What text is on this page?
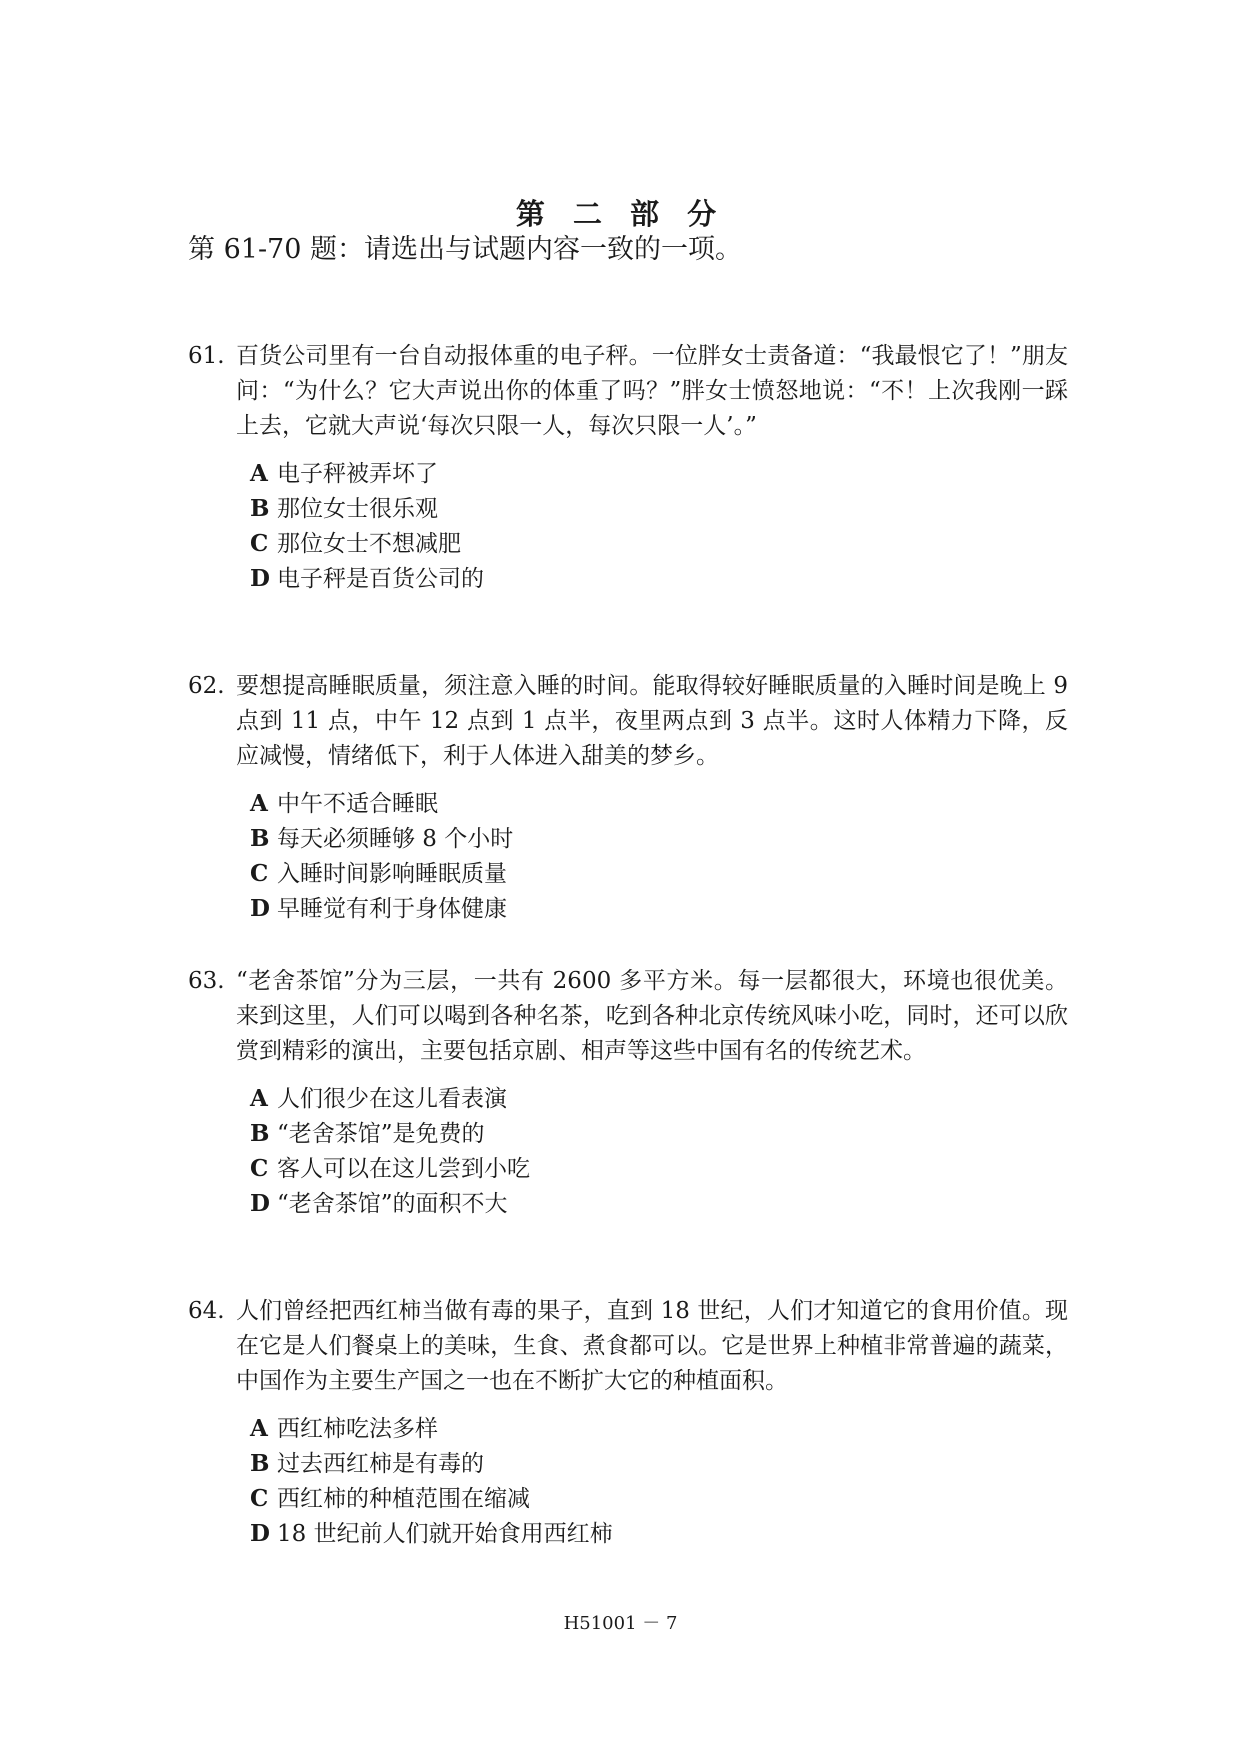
第 二 部 分
第 61-70 题：请选出与试题内容一致的一项。
61. 百货公司里有一台自动报体重的电子秤。一位胖女士责备道：“我最恨它了！”朋友问：“为什么？它大声说出你的体重了吗？”胖女士愤怒地说：“不！上次我刚一踩上去，它就大声说‘每次只限一人，每次只限一人’。”
A 电子秤被弄坏了
B 那位女士很乐观
C 那位女士不想减肥
D 电子秤是百货公司的
62. 要想提高睡眠质量，须注意入睡的时间。能取得较好睡眠质量的入睡时间是晚上 9 点到 11 点，中午 12 点到 1 点半，夜里两点到 3 点半。这时人体精力下降，反应减慢，情绪低下，利于人体进入甜美的梦乡。
A 中午不适合睡眠
B 每天必须睡够 8 个小时
C 入睡时间影响睡眠质量
D 早睡觉有利于身体健康
63. “老舍茶馆”分为三层，一共有 2600 多平方米。每一层都很大，环境也很优美。来到这里，人们可以喝到各种名茶，吃到各种北京传统风味小吃，同时，还可以欣赏到精彩的演出，主要包括京剧、相声等这些中国有名的传统艺术。
A 人们很少在这儿看表演
B “老舍茶馆”是免费的
C 客人可以在这儿尝到小吃
D “老舍茶馆”的面积不大
64. 人们曾经把西红柿当做有毒的果子，直到 18 世纪，人们才知道它的食用价值。现在它是人们餐桌上的美味，生食、煮食都可以。它是世界上种植非常普遍的蔬菜，中国作为主要生产国之一也在不断扩大它的种植面积。
A 西红柿吃法多样
B 过去西红柿是有毒的
C 西红柿的种植范围在缩减
D 18 世纪前人们就开始食用西红柿
H51001 － 7
